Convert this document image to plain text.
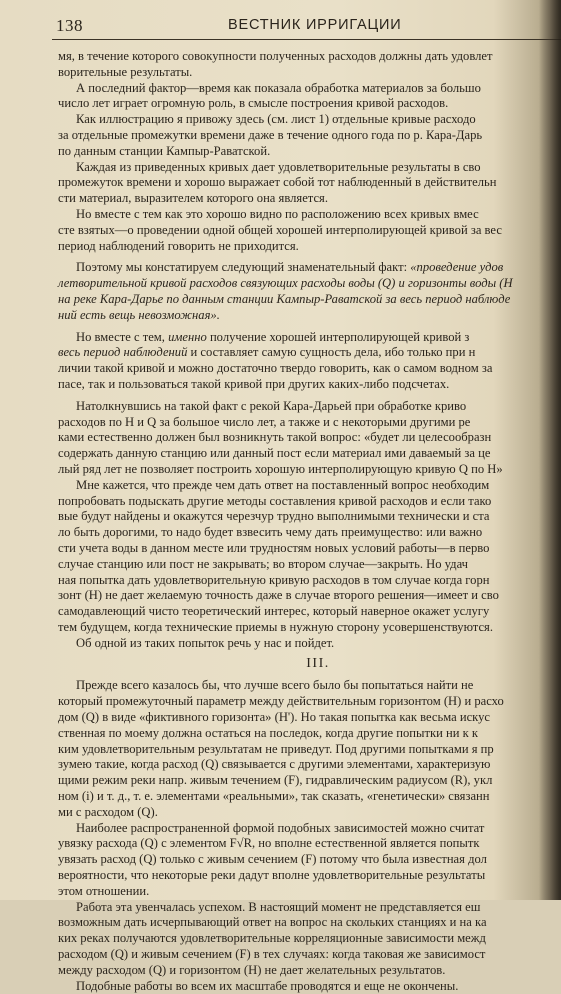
138	ВЕСТНИК ИРРИГАЦИИ
мя, в течение которого совокупности полученных расходов должны дать удовлет
ворительные результаты.
А последний фактор—время как показала обработка материалов за большо
число лет играет огромную роль, в смысле построения кривой расходов.
Как иллюстрацию я привожу здесь (см. лист 1) отдельные кривые расходо
за отдельные промежутки времени даже в течение одного года по р. Кара-Дарь
по данным станции Кампыр-Раватской.
Каждая из приведенных кривых дает удовлетворительные результаты в сво
промежуток времени и хорошо выражает собой тот наблюденный в действительн
сти материал, выразителем которого она является.
Но вместе с тем как это хорошо видно по расположению всех кривых вмес
сте взятых—о проведении одной общей хорошей интерполирующей кривой за вес
период наблюдений говорить не приходится.
Поэтому мы констатируем следующий знаменательный факт: «проведение удов
летворительной кривой расходов связующих расходы воды (Q) и горизонты воды (Н
на реке Кара-Дарье по данным станции Кампыр-Раватской за весь период наблюде
ний есть вещь невозможная».
Но вместе с тем, именно получение хорошей интерполирующей кривой з
весь период наблюдений и составляет самую сущность дела, ибо только при н
личии такой кривой и можно достаточно твердо говорить, как о самом водном за
пасе, так и пользоваться такой кривой при других каких-либо подсчетах.
Натолкнувшись на такой факт с рекой Кара-Дарьей при обработке криво
расходов по Н и Q за большое число лет, а также и с некоторыми другими ре
ками естественно должен был возникнуть такой вопрос: «будет ли целесообразн
содержать данную станцию или данный пост если материал ими даваемый за це
лый ряд лет не позволяет построить хорошую интерполирующую кривую Q по Н»
Мне кажется, что прежде чем дать ответ на поставленный вопрос необходим
попробовать подыскать другие методы составления кривой расходов и если тако
вые будут найдены и окажутся черезчур трудно выполнимыми технически и ста
ло быть дорогими, то надо будет взвесить чему дать преимущество: или важно
сти учета воды в данном месте или трудностям новых условий работы—в перво
случае станцию или пост не закрывать; во втором случае—закрыть. Но удач
ная попытка дать удовлетворительную кривую расходов в том случае когда горн
зонт (Н) не дает желаемую точность даже в случае второго решения—имеет и сво
самодавлеющий чисто теоретический интерес, который наверное окажет услугу
тем будущем, когда технические приемы в нужную сторону усовершенствуются.
Об одной из таких попыток речь у нас и пойдет.
III.
Прежде всего казалось бы, что лучше всего было бы попытаться найти не
который промежуточный параметр между действительным горизонтом (Н) и расхо
дом (Q) в виде «фиктивного горизонта» (Н'). Но такая попытка как весьма искус
ственная по моему должна остаться на последок, когда другие попытки ни к к
ким удовлетворительным результатам не приведут. Под другими попытками я пр
зумею такие, когда расход (Q) связывается с другими элементами, характеризую
щими режим реки напр. живым течением (F), гидравлическим радиусом (R), укл
ном (i) и т. д., т. е. элементами «реальными», так сказать, «генетически» связанн
ми с расходом (Q).
Наиболее распространенной формой подобных зависимостей можно считат
увязку расхода (Q) с элементом F√R, но вполне естественной является попытк
увязать расход (Q) только с живым сечением (F) потому что была известная дол
вероятности, что некоторые реки дадут вполне удовлетворительные результаты
этом отношении.
Работа эта увенчалась успехом. В настоящий момент не представляется еш
возможным дать исчерпывающий ответ на вопрос на скольких станциях и на ка
ких реках получаются удовлетворительные корреляционные зависимости межд
расходом (Q) и живым сечением (F) в тех случаях: когда таковая же зависимост
между расходом (Q) и горизонтом (Н) не дает желательных результатов.
Подобные работы во всем их масштабе проводятся и еще не окончены.
